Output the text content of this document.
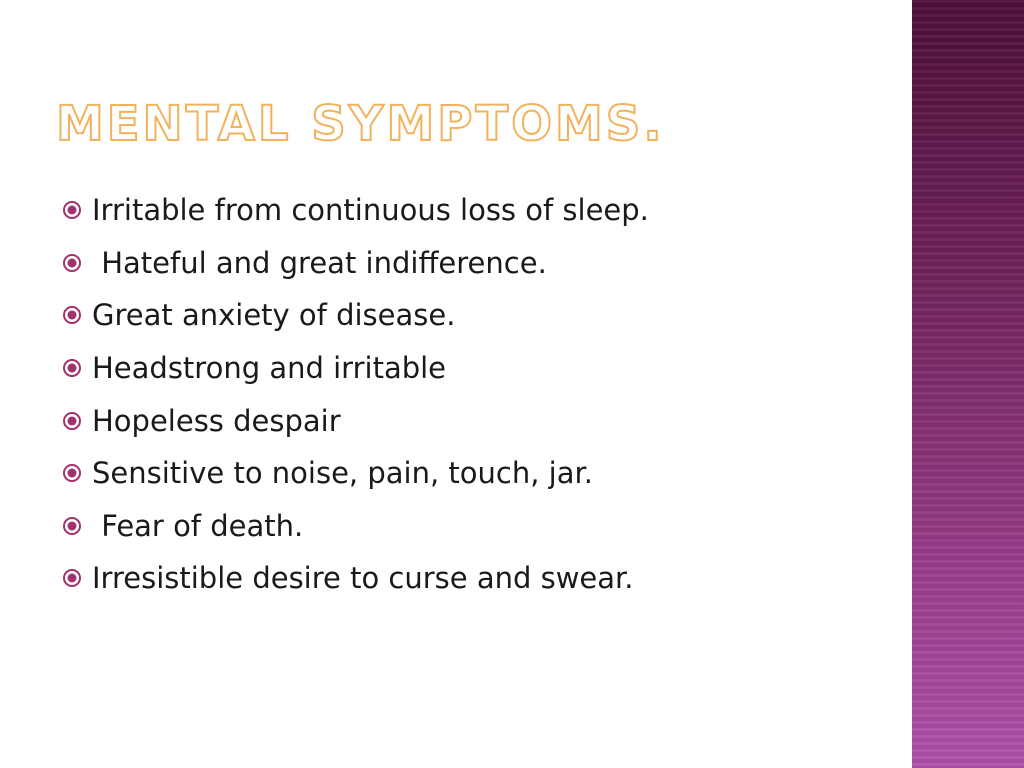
MENTAL SYMPTOMS.
Irritable from continuous loss of sleep.
Hateful and great indifference.
Great anxiety of disease.
Headstrong and irritable
Hopeless despair
Sensitive to noise, pain, touch, jar.
Fear of death.
Irresistible desire to curse and swear.
